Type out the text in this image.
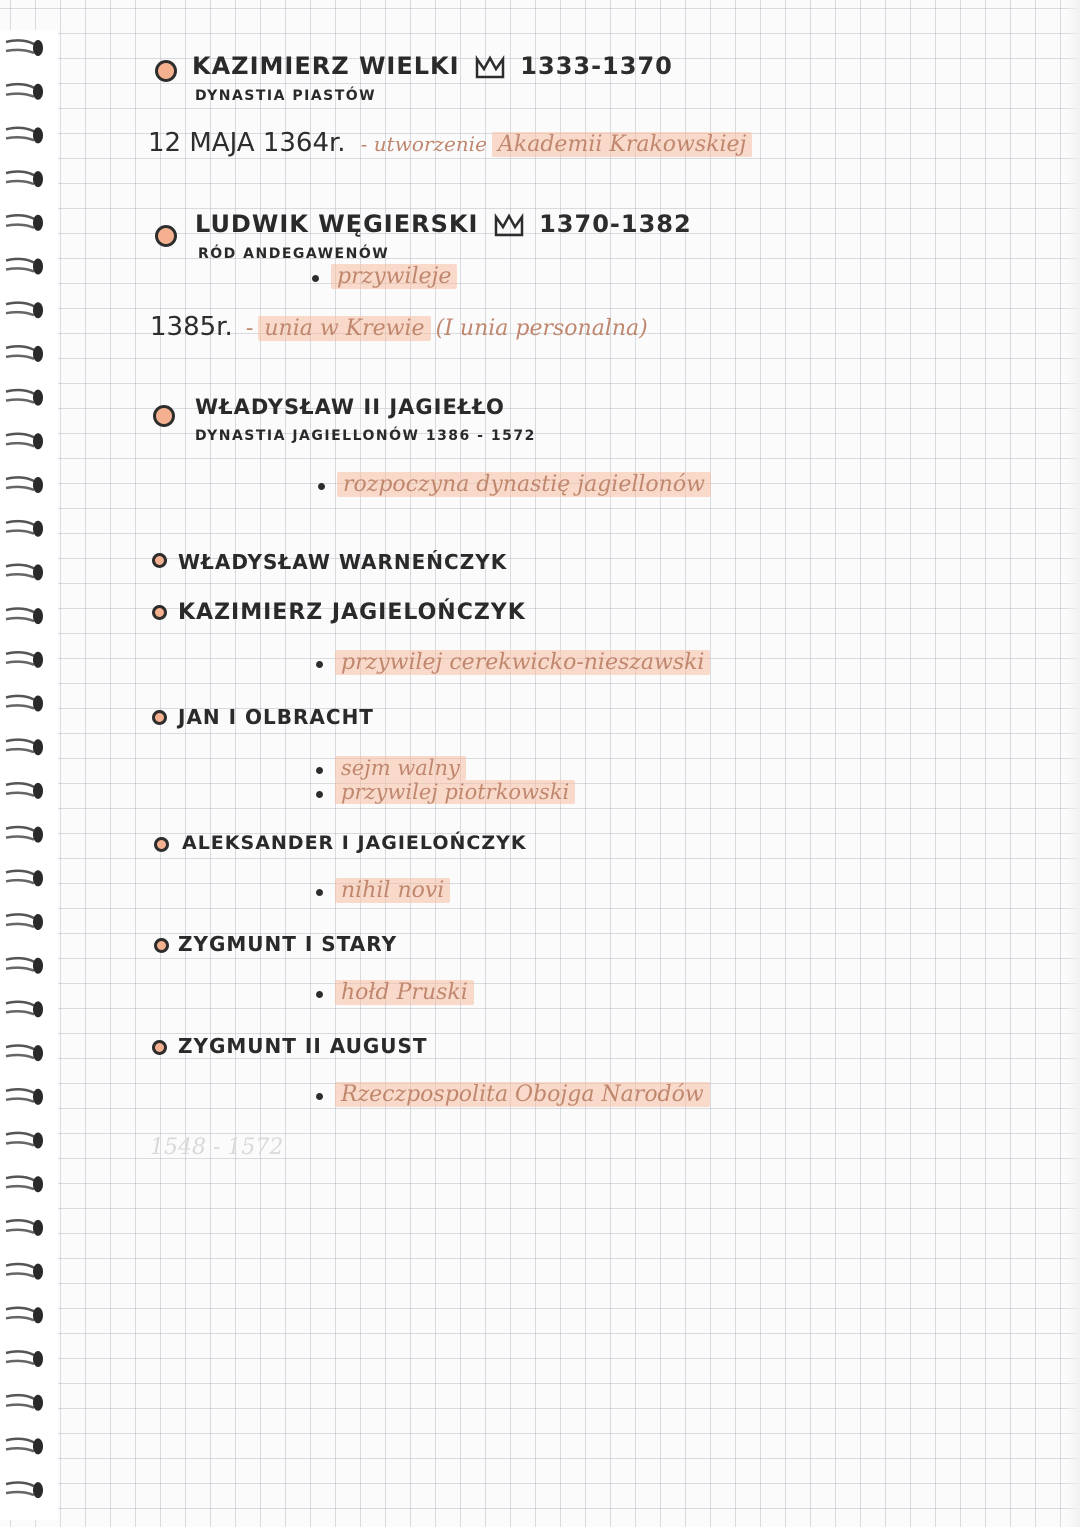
KAZIMIERZ WIELKI	1333-1370
DYNASTIA PIASTÓW
12 MAJA 1364r. - utworzenie Akademii Krakowskiej
LUDWIK WĘGIERSKI	1370-1382
RÓD ANDEGAWENÓW
przywileje
1385r. - unia w Krewie (I unia personalna)
WŁADYSŁAW II JAGIEŁŁO
DYNASTIA JAGIELLONÓW 1386 - 1572
rozpoczyna dynastię jagiellonów
WŁADYSŁAW WARNEŃCZYK
KAZIMIERZ JAGIELOŃCZYK
przywilej cerekwicko-nieszawski
JAN I OLBRACHT
sejm walny
przywilej piotrkowski
ALEKSANDER I JAGIELOŃCZYK
nihil novi
ZYGMUNT I STARY
hołd Pruski
ZYGMUNT II AUGUST
Rzeczpospolita Obojga Narodów
1548 - 1572
